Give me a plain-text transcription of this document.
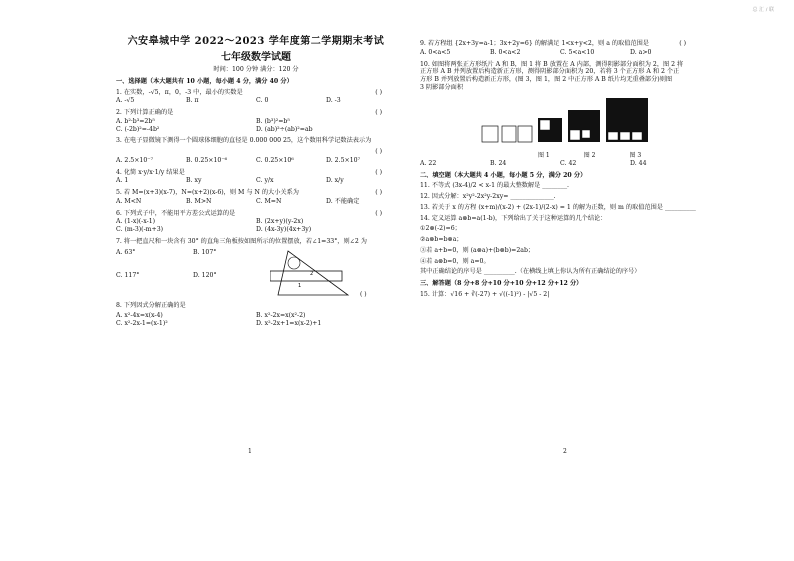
总 汇 / 联
六安皋城中学 2022～2023 学年度第二学期期末考试
七年级数学试题
时间：100 分钟 满分：120 分
一、选择题（本大题共有 10 小题，每小题 4 分，满分 40 分）
1. 在实数，-√5，π，0，-3 中，最小的实数是	( )
A. -√5	B. π	C. 0	D. -3
2. 下列计算正确的是	( )
A. b²·b³=2b⁵	B. (b³)²=b⁵
C. (-2b)²=-4b²	D. (ab)²÷(ab)²=ab
3. 在电子显微镜下测得一个圆球体细胞的直径是 0.000 000 25，这个数用科学记数法表示为
( )
A. 2.5×10⁻⁷	B. 0.25×10⁻⁶	C. 0.25×10⁶	D. 2.5×10⁷
4. 化简 x·y/x·1/y 结果是	( )
A. 1	B. xy	C. y/x	D. x/y
5. 若 M=(x+3)(x-7)，N=(x+2)(x-6)，则 M 与 N 的大小关系为	( )
A. M<N	B. M>N	C. M=N	D. 不能确定
6. 下列式子中，不能用平方差公式运算的是	( )
A. (1-x)(-x-1)	B. (2x+y)(y-2x)
C. (m-3)(-m+3)	D. (4x-3y)(4x+3y)
7. 将一把直尺和一块含有 30° 的直角三角板按如图所示的位置摆放，若∠1=33°，则∠2 为
A. 63°	B. 107°
C. 117°	D. 120°	2
1
( )
8. 下列因式分解正确的是
A. x²-4x=x(x-4)	B. x²-2x=x(x²-2)
C. x²-2x-1=(x-1)²	D. x²-2x+1=x(x-2)+1
1
9. 若方程组 {2x+3y=a-1；3x+2y=6} 的解满足 1<x+y<2，则 a 的取值范围是	( )
A. 0<a<5	B. 0<a<2	C. 5<a<10	D. a>0
10. 如图将两张正方形纸片 A 和 B，图 1 将 B 放置在 A 内部，测得阴影部分面积为 2，图 2 将
正方形 A B 并列放置后构造新正方形，测得阴影部分面积为 20，若将 3 个正方形 A 和 2 个正
方形 B 并列放置后构造新正方形，(图 3，图 1，图 2 中正方形 A B 纸片均无重叠部分)则图
3 阴影部分面积
图 1	图 2	图 3
A. 22	B. 24	C. 42	D. 44
二、填空题（本大题共 4 小题，每小题 5 分，满分 20 分）
11. 不等式 (3x-4)/2 < x-1 的最大整数解是 ________.
12. 因式分解：x²y²-2x²y-2xy= ______________.
13. 若关于 x 的方程 (x+m)/(x-2) + (2x-1)/(2-x) = 1 的解为正数，则 m 的取值范围是 __________
14. 定义运算 a⊗b=a(1-b)，下列给出了关于这种运算的几个结论：
①2⊗(-2)=6；
②a⊗b=b⊗a；
③若 a+b=0，则 (a⊗a)+(b⊗b)=2ab；
④若 a⊗b=0，则 a=0。
其中正确结论的序号是 __________.（在横线上填上你认为所有正确结论的序号）
三、解答题（8 分+8 分+10 分+10 分+12 分+12 分）
15. 计算：√16 + ∛(-27) + √((-1)²) - |√5 - 2|
2
